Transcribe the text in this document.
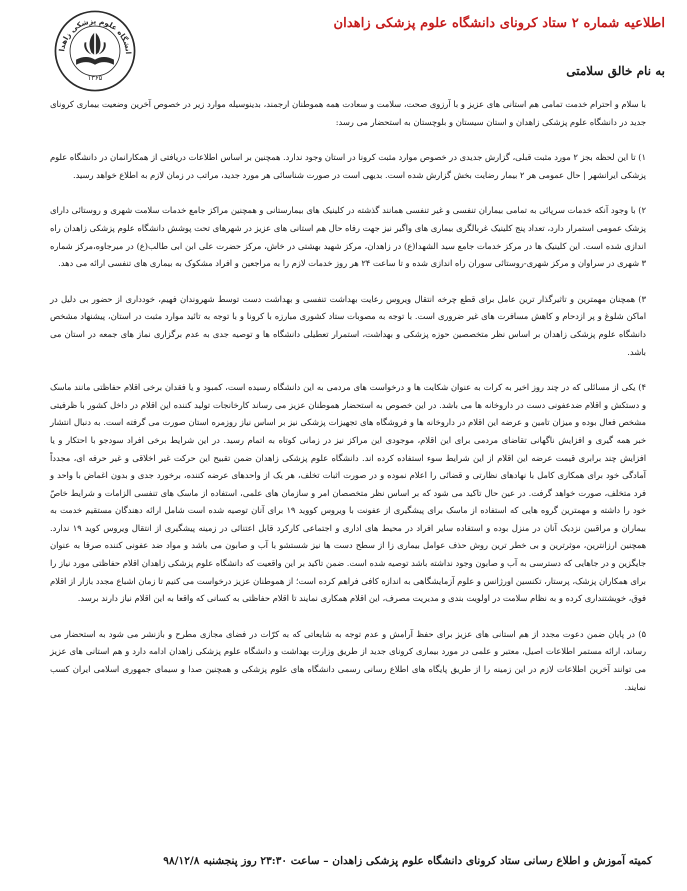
انشگاه علوم پزشکی زاهدا
۱۳۶۵
اطلاعیه شماره ۲ ستاد کرونای دانشگاه علوم پزشکی زاهدان
به نام خالق سلامتی

با سلام و احترام خدمت تمامی هم استانی های عزیز و با آرزوی صحت، سلامت و سعادت همه هموطنان ارجمند، بدینوسیله موارد زیر در خصوص آخرین وضعیت بیماری کرونای جدید در دانشگاه علوم پزشکی زاهدان و استان سیستان و بلوچستان به استحضار می رسد:

۱) تا این لحظه بجز ۲ مورد مثبت قبلی، گزارش جدیدی در خصوص موارد مثبت کرونا در استان وجود ندارد. همچنین بر اساس اطلاعات دریافتی از همکارانمان در دانشگاه علوم پزشکی ایرانشهر | حال عمومی هر ۲ بیمار رضایت بخش گزارش شده است. بدیهی است در صورت شناسائی هر مورد جدید، مراتب در زمان لازم به اطلاع خواهد رسید.

۲) با وجود آنکه خدمات سرپائی به تمامی بیماران تنفسی و غیر تنفسی همانند گذشته در کلینیک های بیمارستانی و همچنین مراکز جامع خدمات سلامت شهری و روستائی دارای پزشک عمومی استمرار دارد، تعداد پنج کلینیک غربالگری بیماری های واگیر نیز جهت رفاه حال هم استانی های عزیز در شهرهای تحت پوشش دانشگاه علوم پزشکی زاهدان راه اندازی شده است. این کلینیک ها در مرکز خدمات جامع سید الشهدا(ع) در زاهدان، مرکز شهید بهشتی در خاش، مرکز حضرت علی ابن ابی طالب(ع) در میرجاوه،مرکز شماره ۳ شهری در سراوان و مرکز شهری-روستائی سوران راه اندازی شده و تا ساعت ۲۴ هر روز خدمات لازم را به مراجعین و افراد مشکوک به بیماری های تنفسی ارائه می دهد.

۳) همچنان مهمترین و تاثیرگذار ترین عامل برای قطع چرخه انتقال ویروس رعایت بهداشت تنفسی و بهداشت دست توسط شهروندان فهیم، خودداری از حضور بی دلیل در اماکن شلوغ و پر ازدحام و کاهش مسافرت های غیر ضروری است. با توجه به مصوبات ستاد کشوری مبارزه با کرونا و با توجه به تائید موارد مثبت در استان، پیشنهاد مشخص دانشگاه علوم پزشکی زاهدان بر اساس نظر متخصصین حوزه پزشکی و بهداشت، استمرار تعطیلی دانشگاه ها و توصیه جدی به عدم برگزاری نماز های جمعه در استان می باشد.

۴) یکی از مسائلی که در چند روز اخیر به کرات به عنوان شکایت ها و درخواست های مردمی به این دانشگاه رسیده است، کمبود و یا فقدان برخی اقلام حفاظتی مانند ماسک و دستکش و اقلام ضدعفونی دست در داروخانه ها می باشد. در این خصوص به استحضار هموطنان عزیز می رساند کارخانجات تولید کننده این اقلام در داخل کشور با ظرفیتی مشخص فعال بوده و میزان تامین و عرضه این اقلام در داروخانه ها و فروشگاه های تجهیزات پزشکی نیز بر اساس نیاز روزمره استان صورت می گرفته است. به دنبال انتشار خبر همه گیری و افزایش ناگهانی تقاضای مردمی برای این اقلام، موجودی این مراکز نیز در زمانی کوتاه به اتمام رسید. در این شرایط برخی افراد سودجو با احتکار و یا افزایش چند برابری قیمت عرضه این اقلام از این شرایط سوء استفاده کرده اند. دانشگاه علوم پزشکی زاهدان ضمن تقبیح این حرکت غیر اخلاقی و غیر حرفه ای، مجدداً آمادگی خود برای همکاری کامل با نهادهای نظارتی و قضائی را اعلام نموده و در صورت اثبات تخلف، هر یک از واحدهای عرضه کننده، برخورد جدی و بدون اغماض با واحد و فرد متخلف، صورت خواهد گرفت. در عین حال تاکید می شود که بر اساس نظر متخصصان امر و سازمان های علمی، استفاده از ماسک های تنفسی الزامات و شرایط خاصّ خود را داشته و مهمترین گروه هایی که استفاده از ماسک برای پیشگیری از عفونت با ویروس کووید ۱۹ برای آنان توصیه شده است شامل ارائه دهندگان مستقیم خدمت به بیماران و مراقبین نزدیک آنان در منزل بوده و استفاده سایر افراد در محیط های اداری و اجتماعی کارکرد قابل اعتنائی در زمینه پیشگیری از انتقال ویروس کوید ۱۹ ندارد. همچنین ارزانترین، موثرترین و بی خطر ترین روش حذف عوامل بیماری زا از سطح دست ها نیز شستشو با آب و صابون می باشد و مواد ضد عفونی کننده صرفا به عنوان جایگزین و در جاهایی که دسترسی به آب و صابون وجود نداشته باشد توصیه شده است. ضمن تاکید بر این واقعیت که دانشگاه علوم پزشکی زاهدان اقلام حفاظتی مورد نیاز را برای همکاران پزشک، پرستار، تکنسین اورژانس و علوم آزمایشگاهی به اندازه کافی فراهم کرده است؛ از هموطنان عزیز درخواست می کنیم تا زمان اشباع مجدد بازار از اقلام فوق، خویشتنداری کرده و به نظام سلامت در اولویت بندی و مدیریت مصرف، این اقلام همکاری نمایند تا اقلام حفاظتی به کسانی که واقعا به این اقلام نیاز دارند برسد.

۵) در پایان ضمن دعوت مجدد از هم استانی های عزیز برای حفظ آرامش و عدم توجه به شایعاتی که به کرّات در فضای مجازی مطرح و بازنشر می شود به استحضار می رساند، ارائه مستمر اطلاعات اصیل، معتبر و علمی در مورد بیماری کرونای جدید از طریق وزارت بهداشت و دانشگاه علوم پزشکی زاهدان ادامه دارد و هم استانی های عزیز می توانند آخرین اطلاعات لازم در این زمینه را از طریق پایگاه های اطلاع رسانی رسمی دانشگاه های علوم پزشکی و همچنین صدا و سیمای جمهوری اسلامی ایران کسب نمایند.

کمیته آموزش و اطلاع رسانی ستاد کرونای دانشگاه علوم پزشکی زاهدان – ساعت ۲۳:۳۰ روز پنجشنبه ۹۸/۱۲/۸
